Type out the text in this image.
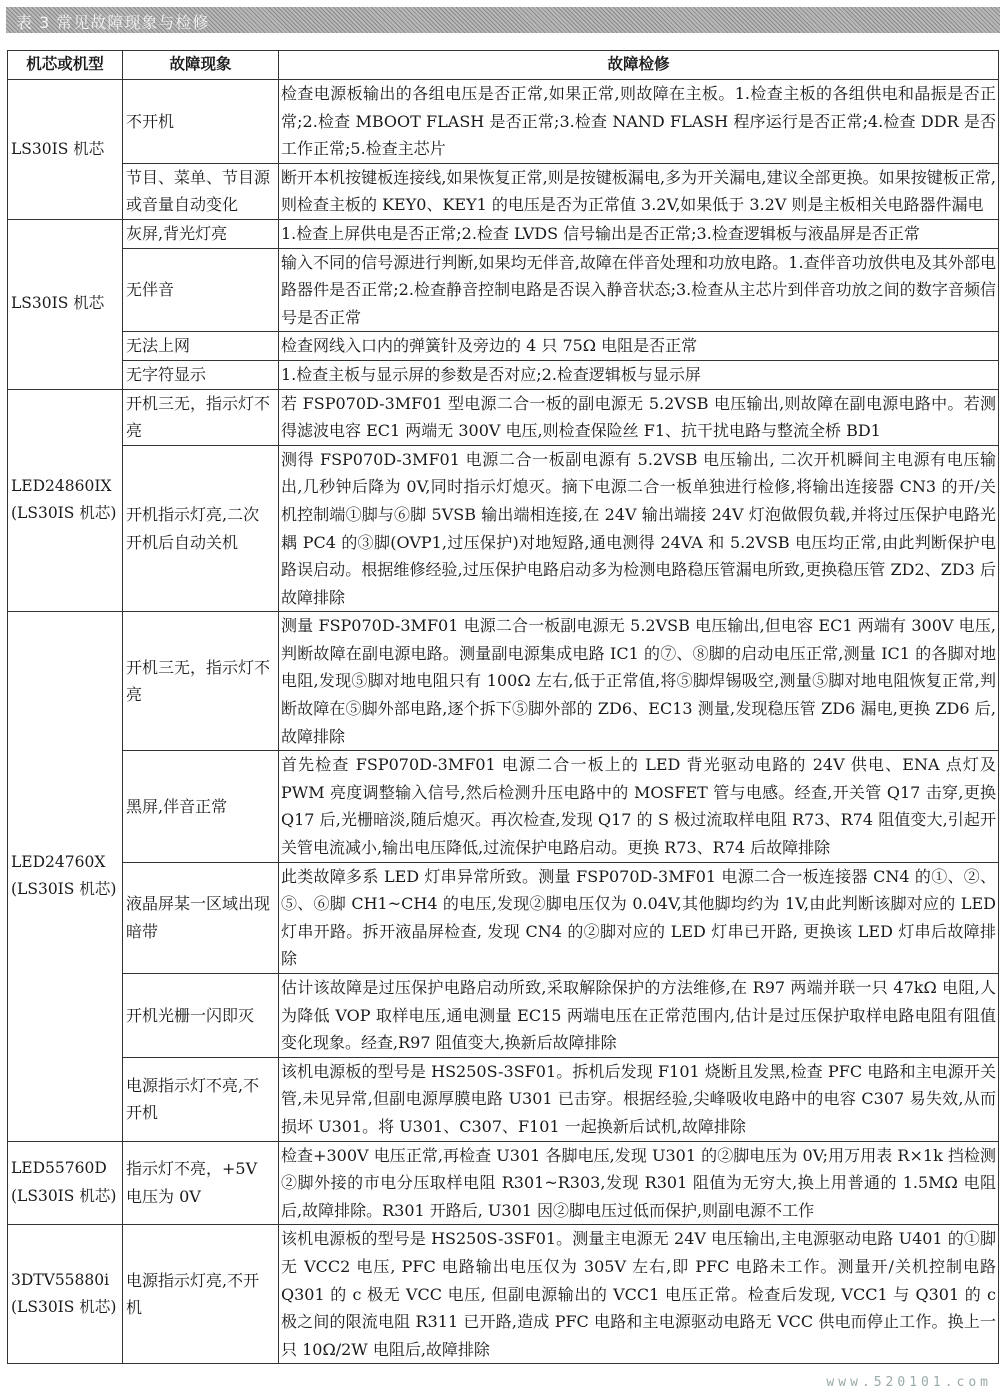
表 3 常见故障现象与检修
机芯或机型	故障现象	故障检修
LS30IS 机芯	不开机	检查电源板输出的各组电压是否正常,如果正常,则故障在主板。1.检查主板的各组供电和晶振是否正常;2.检查 MBOOT FLASH 是否正常;3.检查 NAND FLASH 程序运行是否正常;4.检查 DDR 是否工作正常;5.检查主芯片
	节目、菜单、节目源或音量自动变化	断开本机按键板连接线,如果恢复正常,则是按键板漏电,多为开关漏电,建议全部更换。如果按键板正常,则检查主板的 KEY0、KEY1 的电压是否为正常值 3.2V,如果低于 3.2V 则是主板相关电路器件漏电
LS30IS 机芯	灰屏,背光灯亮	1.检查上屏供电是否正常;2.检查 LVDS 信号输出是否正常;3.检查逻辑板与液晶屏是否正常
	无伴音	输入不同的信号源进行判断,如果均无伴音,故障在伴音处理和功放电路。1.查伴音功放供电及其外部电路器件是否正常;2.检查静音控制电路是否误入静音状态;3.检查从主芯片到伴音功放之间的数字音频信号是否正常
	无法上网	检查网线入口内的弹簧针及旁边的 4 只 75Ω 电阻是否正常
	无字符显示	1.检查主板与显示屏的参数是否对应;2.检查逻辑板与显示屏
LED24860IX (LS30IS 机芯)	开机三无，指示灯不亮	若 FSP070D-3MF01 型电源二合一板的副电源无 5.2VSB 电压输出,则故障在副电源电路中。若测得滤波电容 EC1 两端无 300V 电压,则检查保险丝 F1、抗干扰电路与整流全桥 BD1
	开机指示灯亮,二次开机后自动关机	测得 FSP070D-3MF01 电源二合一板副电源有 5.2VSB 电压输出, 二次开机瞬间主电源有电压输出,几秒钟后降为 0V,同时指示灯熄灭。摘下电源二合一板单独进行检修,将输出连接器 CN3 的开/关机控制端①脚与⑥脚 5VSB 输出端相连接,在 24V 输出端接 24V 灯泡做假负载,并将过压保护电路光耦 PC4 的③脚(OVP1,过压保护)对地短路,通电测得 24VA 和 5.2VSB 电压均正常,由此判断保护电路误启动。根据维修经验,过压保护电路启动多为检测电路稳压管漏电所致,更换稳压管 ZD2、ZD3 后故障排除
LED24760X (LS30IS 机芯)	开机三无，指示灯不亮	测量 FSP070D-3MF01 电源二合一板副电源无 5.2VSB 电压输出,但电容 EC1 两端有 300V 电压,判断故障在副电源电路。测量副电源集成电路 IC1 的⑦、⑧脚的启动电压正常,测量 IC1 的各脚对地电阻,发现⑤脚对地电阻只有 100Ω 左右,低于正常值,将⑤脚焊锡吸空,测量⑤脚对地电阻恢复正常,判断故障在⑤脚外部电路,逐个拆下⑤脚外部的 ZD6、EC13 测量,发现稳压管 ZD6 漏电,更换 ZD6 后,故障排除
	黑屏,伴音正常	首先检查 FSP070D-3MF01 电源二合一板上的 LED 背光驱动电路的 24V 供电、ENA 点灯及 PWM 亮度调整输入信号,然后检测升压电路中的 MOSFET 管与电感。经查,开关管 Q17 击穿,更换 Q17 后,光栅暗淡,随后熄灭。再次检查,发现 Q17 的 S 极过流取样电阻 R73、R74 阻值变大,引起开关管电流减小,输出电压降低,过流保护电路启动。更换 R73、R74 后故障排除
	液晶屏某一区域出现暗带	此类故障多系 LED 灯串异常所致。测量 FSP070D-3MF01 电源二合一板连接器 CN4 的①、②、⑤、⑥脚 CH1~CH4 的电压,发现②脚电压仅为 0.04V,其他脚均约为 1V,由此判断该脚对应的 LED 灯串开路。拆开液晶屏检查, 发现 CN4 的②脚对应的 LED 灯串已开路, 更换该 LED 灯串后故障排除
	开机光栅一闪即灭	估计该故障是过压保护电路启动所致,采取解除保护的方法维修,在 R97 两端并联一只 47kΩ 电阻,人为降低 VOP 取样电压,通电测量 EC15 两端电压在正常范围内,估计是过压保护取样电路电阻有阻值变化现象。经查,R97 阻值变大,换新后故障排除
	电源指示灯不亮,不开机	该机电源板的型号是 HS250S-3SF01。拆机后发现 F101 烧断且发黑,检查 PFC 电路和主电源开关管,未见异常,但副电源厚膜电路 U301 已击穿。根据经验,尖峰吸收电路中的电容 C307 易失效,从而损坏 U301。将 U301、C307、F101 一起换新后试机,故障排除
LED55760D (LS30IS 机芯)	指示灯不亮，+5V 电压为 0V	检查+300V 电压正常,再检查 U301 各脚电压,发现 U301 的②脚电压为 0V;用万用表 R×1k 挡检测②脚外接的市电分压取样电阻 R301~R303,发现 R301 阻值为无穷大,换上用普通的 1.5MΩ 电阻后,故障排除。R301 开路后, U301 因②脚电压过低而保护,则副电源不工作
3DTV55880i (LS30IS 机芯)	电源指示灯亮,不开机	该机电源板的型号是 HS250S-3SF01。测量主电源无 24V 电压输出,主电源驱动电路 U401 的①脚无 VCC2 电压, PFC 电路输出电压仅为 305V 左右,即 PFC 电路未工作。测量开/关机控制电路 Q301 的 c 极无 VCC 电压, 但副电源输出的 VCC1 电压正常。检查后发现, VCC1 与 Q301 的 c 极之间的限流电阻 R311 已开路,造成 PFC 电路和主电源驱动电路无 VCC 供电而停止工作。换上一只 10Ω/2W 电阻后,故障排除
www.520101.com
